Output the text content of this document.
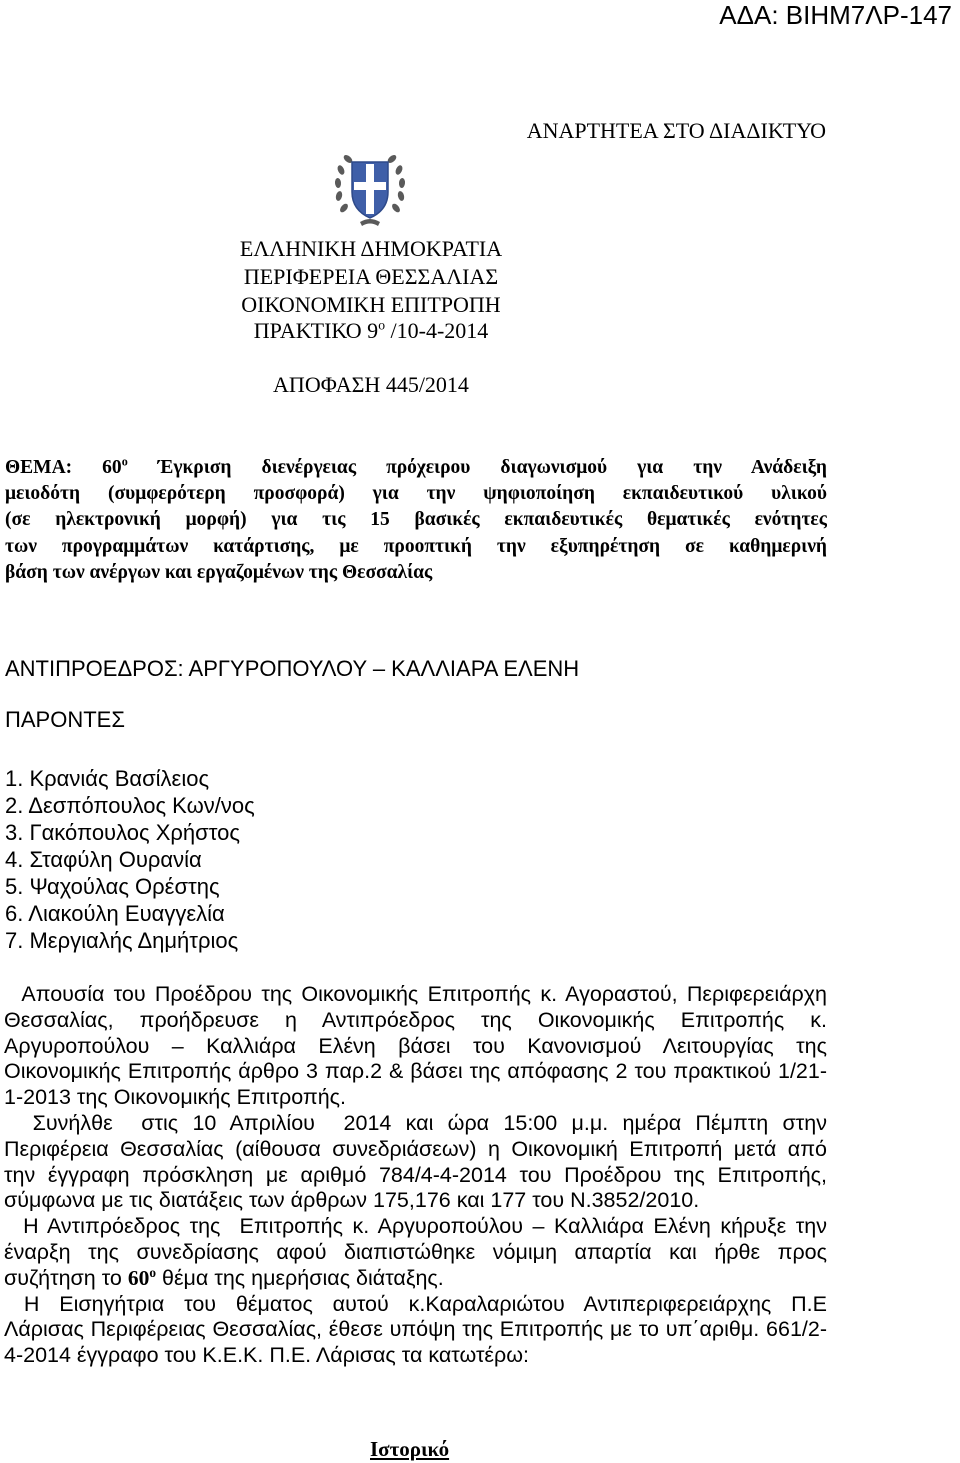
ΑΔΑ: ΒΙΗΜ7ΛΡ-147
ΑΝΑΡΤΗΤΕΑ ΣΤΟ ΔΙΑΔΙΚΤΥΟ
ΕΛΛΗΝΙΚΗ ΔΗΜΟΚΡΑΤΙΑ
ΠΕΡΙΦΕΡΕΙΑ ΘΕΣΣΑΛΙΑΣ
ΟΙΚΟΝΟΜΙΚΗ ΕΠΙΤΡΟΠΗ
ΠΡΑΚΤΙΚΟ $9^o$ /10-4-2014
ΑΠΟΦΑΣΗ 445/2014
ΘΕΜΑ: $60^o$ Έγκριση διενέργειας πρόχειρου διαγωνισμού για την Ανάδειξη
μειοδότη (συμφερότερη προσφορά) για την ψηφιοποίηση εκπαιδευτικού υλικού
(σε ηλεκτρονική μορφή) για τις 15 βασικές εκπαιδευτικές θεματικές ενότητες
των προγραμμάτων κατάρτισης, με προοπτική την εξυπηρέτηση σε καθημερινή
βάση των ανέργων και εργαζομένων της Θεσσαλίας
ΑΝΤΙΠΡΟΕΔΡΟΣ: ΑΡΓΥΡΟΠΟΥΛΟΥ – ΚΑΛΛΙΑΡΑ ΕΛΕΝΗ
ΠΑΡΟΝΤΕΣ
1. Κρανιάς Βασίλειος
2. Δεσπόπουλος Κων/νος
3. Γακόπουλος Χρήστος
4. Σταφύλη Ουρανία
5. Ψαχούλας Ορέστης
6. Λιακούλη Ευαγγελία
7. Μεργιαλής Δημήτριος
Απουσία του Προέδρου της Οικονομικής Επιτροπής κ. Αγοραστού, Περιφερειάρχη
Θεσσαλίας, προήδρευσε η Αντιπρόεδρος της Οικονομικής Επιτροπής κ.
Αργυροπούλου – Καλλιάρα Ελένη βάσει του Κανονισμού Λειτουργίας της
Οικονομικής Επιτροπής άρθρο 3 παρ.2 & βάσει της απόφασης 2 του πρακτικού 1/21-
1-2013 της Οικονομικής Επιτροπής.
Συνήλθε  στις 10 Απριλίου  2014 και ώρα 15:00 μ.μ. ημέρα Πέμπτη στην
Περιφέρεια Θεσσαλίας (αίθουσα συνεδριάσεων) η Οικονομική Επιτροπή μετά από
την έγγραφη πρόσκληση με αριθμό 784/4-4-2014 του Προέδρου της Επιτροπής,
σύμφωνα με τις διατάξεις των άρθρων 175,176 και 177 του Ν.3852/2010.
Η Αντιπρόεδρος της  Επιτροπής κ. Αργυροπούλου – Καλλιάρα Ελένη κήρυξε την
έναρξη της συνεδρίασης αφού διαπιστώθηκε νόμιμη απαρτία και ήρθε προς
συζήτηση το $60^o$ θέμα της ημερήσιας διάταξης.
Η Εισηγήτρια του θέματος αυτού κ.Καραλαριώτου Αντιπεριφερειάρχης Π.Ε
Λάρισας Περιφέρειας Θεσσαλίας, έθεσε υπόψη της Επιτροπής με το υπ΄αριθμ. 661/2-
4-2014 έγγραφο του Κ.Ε.Κ. Π.Ε. Λάρισας τα κατωτέρω:
Ιστορικό
